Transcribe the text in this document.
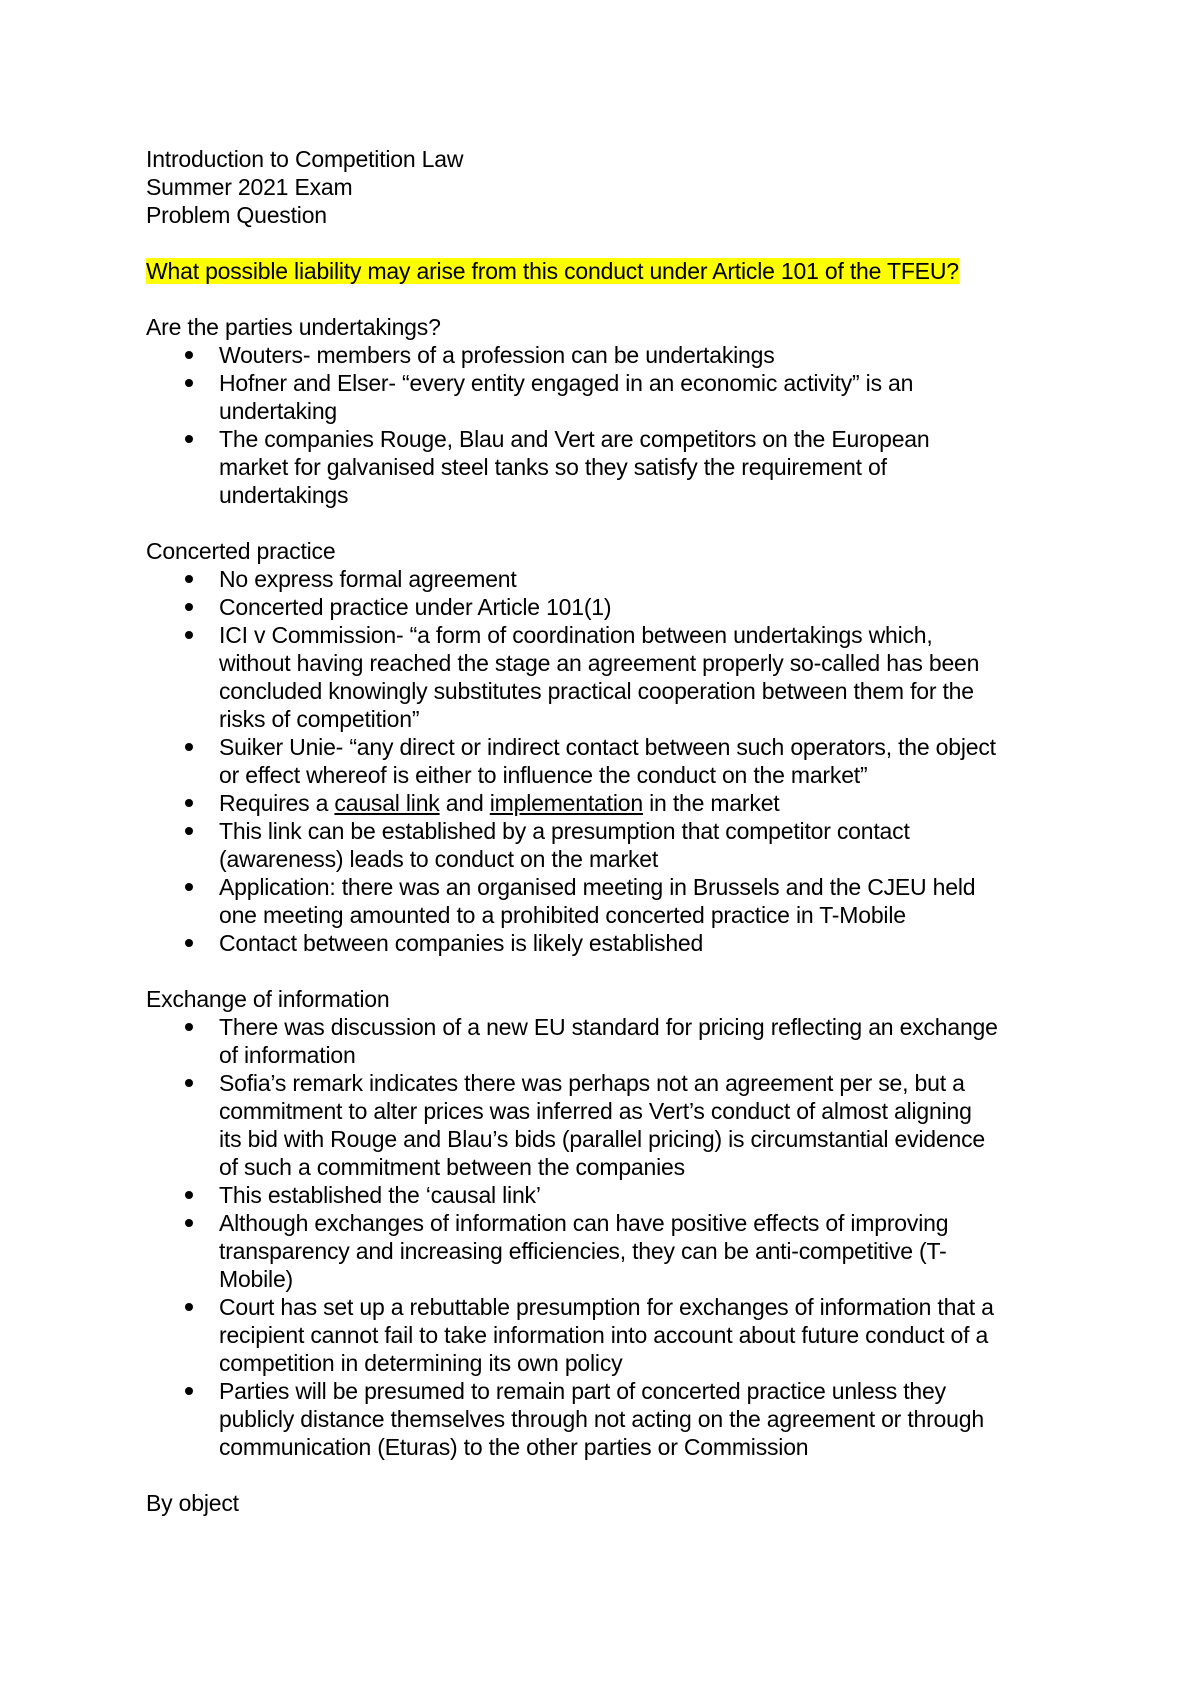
Introduction to Competition Law

Summer 2021 Exam

Problem Question

What possible liability may arise from this conduct under Article 101 of the TFEU?

Are the parties undertakings?

Wouters- members of a profession can be undertakings
Hofner and Elser- “every entity engaged in an economic activity” is an
undertaking
The companies Rouge, Blau and Vert are competitors on the European
market for galvanised steel tanks so they satisfy the requirement of
undertakings

Concerted practice

No express formal agreement
Concerted practice under Article 101(1)
ICI v Commission- “a form of coordination between undertakings which,
without having reached the stage an agreement properly so-called has been
concluded knowingly substitutes practical cooperation between them for the
risks of competition”
Suiker Unie- “any direct or indirect contact between such operators, the object
or effect whereof is either to influence the conduct on the market”
Requires a causal link and implementation in the market
This link can be established by a presumption that competitor contact
(awareness) leads to conduct on the market
Application: there was an organised meeting in Brussels and the CJEU held
one meeting amounted to a prohibited concerted practice in T-Mobile
Contact between companies is likely established

Exchange of information

There was discussion of a new EU standard for pricing reflecting an exchange
of information
Sofia’s remark indicates there was perhaps not an agreement per se, but a
commitment to alter prices was inferred as Vert’s conduct of almost aligning
its bid with Rouge and Blau’s bids (parallel pricing) is circumstantial evidence
of such a commitment between the companies
This established the ‘causal link’
Although exchanges of information can have positive effects of improving
transparency and increasing efficiencies, they can be anti-competitive (T-
Mobile)
Court has set up a rebuttable presumption for exchanges of information that a
recipient cannot fail to take information into account about future conduct of a
competition in determining its own policy
Parties will be presumed to remain part of concerted practice unless they
publicly distance themselves through not acting on the agreement or through
communication (Eturas) to the other parties or Commission

By object
